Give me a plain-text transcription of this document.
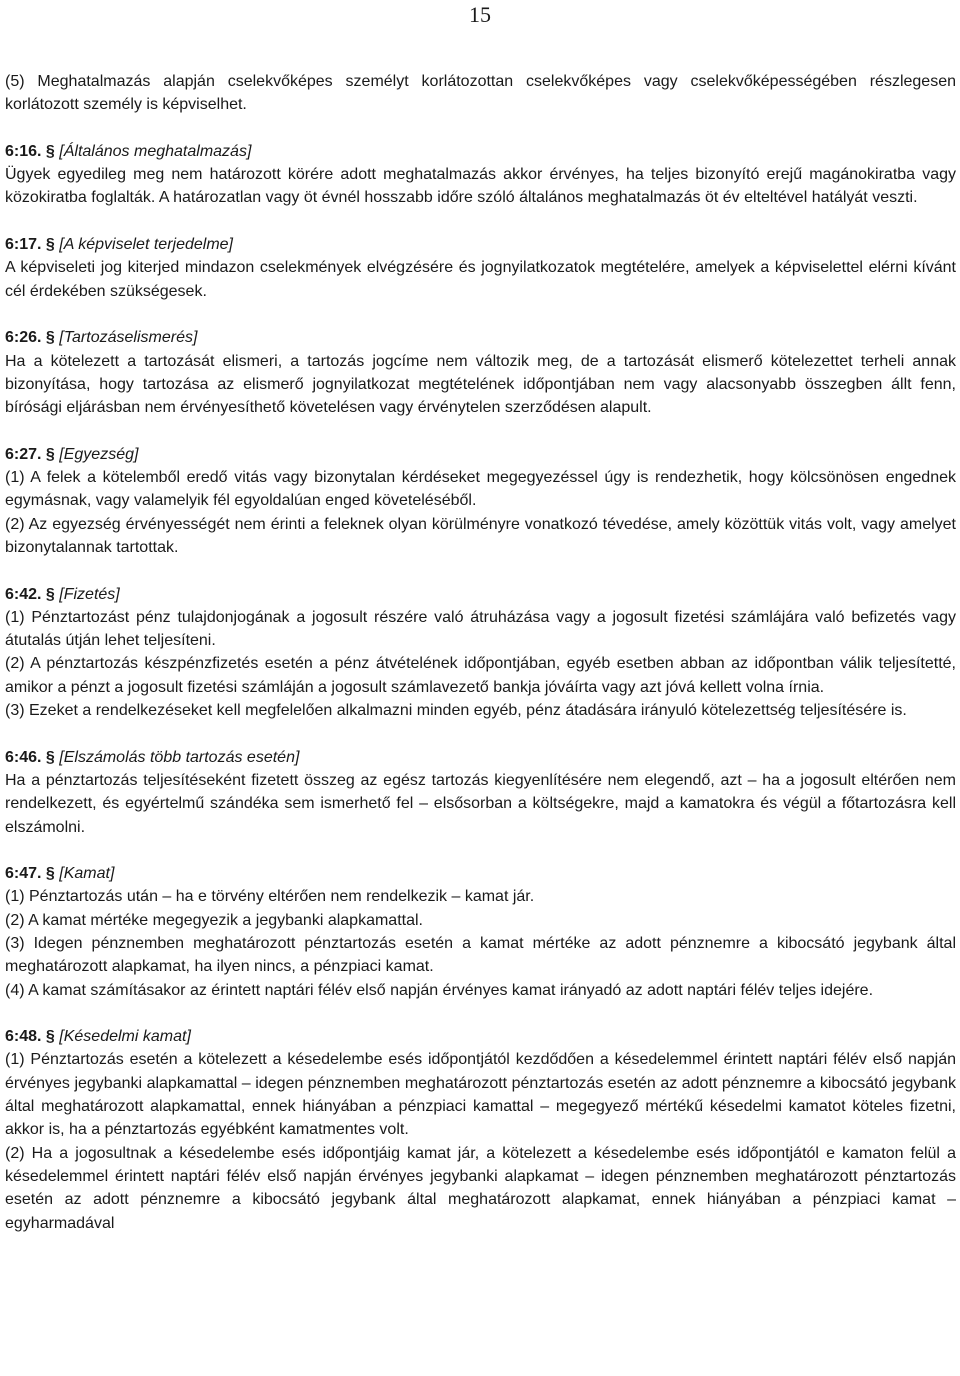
15

(5) Meghatalmazás alapján cselekvőképes személyt korlátozottan cselekvőképes vagy cselekvőképességében részlegesen korlátozott személy is képviselhet.

6:16. § [Általános meghatalmazás]

Ügyek egyedileg meg nem határozott körére adott meghatalmazás akkor érvényes, ha teljes bizonyító erejű magánokiratba vagy közokiratba foglalták. A határozatlan vagy öt évnél hosszabb időre szóló általános meghatalmazás öt év elteltével hatályát veszti.

6:17. § [A képviselet terjedelme]

A képviseleti jog kiterjed mindazon cselekmények elvégzésére és jognyilatkozatok megtételére, amelyek a képviselettel elérni kívánt cél érdekében szükségesek.

6:26. § [Tartozáselismerés]

Ha a kötelezett a tartozását elismeri, a tartozás jogcíme nem változik meg, de a tartozását elismerő kötelezettet terheli annak bizonyítása, hogy tartozása az elismerő jognyilatkozat megtételének időpontjában nem vagy alacsonyabb összegben állt fenn, bírósági eljárásban nem érvényesíthető követelésen vagy érvénytelen szerződésen alapult.

6:27. § [Egyezség]

(1) A felek a kötelemből eredő vitás vagy bizonytalan kérdéseket megegyezéssel úgy is rendezhetik, hogy kölcsönösen engednek egymásnak, vagy valamelyik fél egyoldalúan enged követeléséből.

(2) Az egyezség érvényességét nem érinti a feleknek olyan körülményre vonatkozó tévedése, amely közöttük vitás volt, vagy amelyet bizonytalannak tartottak.

6:42. § [Fizetés]

(1) Pénztartozást pénz tulajdonjogának a jogosult részére való átruházása vagy a jogosult fizetési számlájára való befizetés vagy átutalás útján lehet teljesíteni.

(2) A pénztartozás készpénzfizetés esetén a pénz átvételének időpontjában, egyéb esetben abban az időpontban válik teljesítetté, amikor a pénzt a jogosult fizetési számláján a jogosult számlavezető bankja jóváírta vagy azt jóvá kellett volna írnia.

(3) Ezeket a rendelkezéseket kell megfelelően alkalmazni minden egyéb, pénz átadására irányuló kötelezettség teljesítésére is.

6:46. § [Elszámolás több tartozás esetén]

Ha a pénztartozás teljesítéseként fizetett összeg az egész tartozás kiegyenlítésére nem elegendő, azt – ha a jogosult eltérően nem rendelkezett, és egyértelmű szándéka sem ismerhető fel – elsősorban a költségekre, majd a kamatokra és végül a főtartozásra kell elszámolni.

6:47. § [Kamat]

(1) Pénztartozás után – ha e törvény eltérően nem rendelkezik – kamat jár.

(2) A kamat mértéke megegyezik a jegybanki alapkamattal.

(3) Idegen pénznemben meghatározott pénztartozás esetén a kamat mértéke az adott pénznemre a kibocsátó jegybank által meghatározott alapkamat, ha ilyen nincs, a pénzpiaci kamat.

(4) A kamat számításakor az érintett naptári félév első napján érvényes kamat irányadó az adott naptári félév teljes idejére.

6:48. § [Késedelmi kamat]

(1) Pénztartozás esetén a kötelezett a késedelembe esés időpontjától kezdődően a késedelemmel érintett naptári félév első napján érvényes jegybanki alapkamattal – idegen pénznemben meghatározott pénztartozás esetén az adott pénznemre a kibocsátó jegybank által meghatározott alapkamattal, ennek hiányában a pénzpiaci kamattal – megegyező mértékű késedelmi kamatot köteles fizetni, akkor is, ha a pénztartozás egyébként kamatmentes volt.

(2) Ha a jogosultnak a késedelembe esés időpontjáig kamat jár, a kötelezett a késedelembe esés időpontjától e kamaton felül a késedelemmel érintett naptári félév első napján érvényes jegybanki alapkamat – idegen pénznemben meghatározott pénztartozás esetén az adott pénznemre a kibocsátó jegybank által meghatározott alapkamat, ennek hiányában a pénzpiaci kamat – egyharmadával
